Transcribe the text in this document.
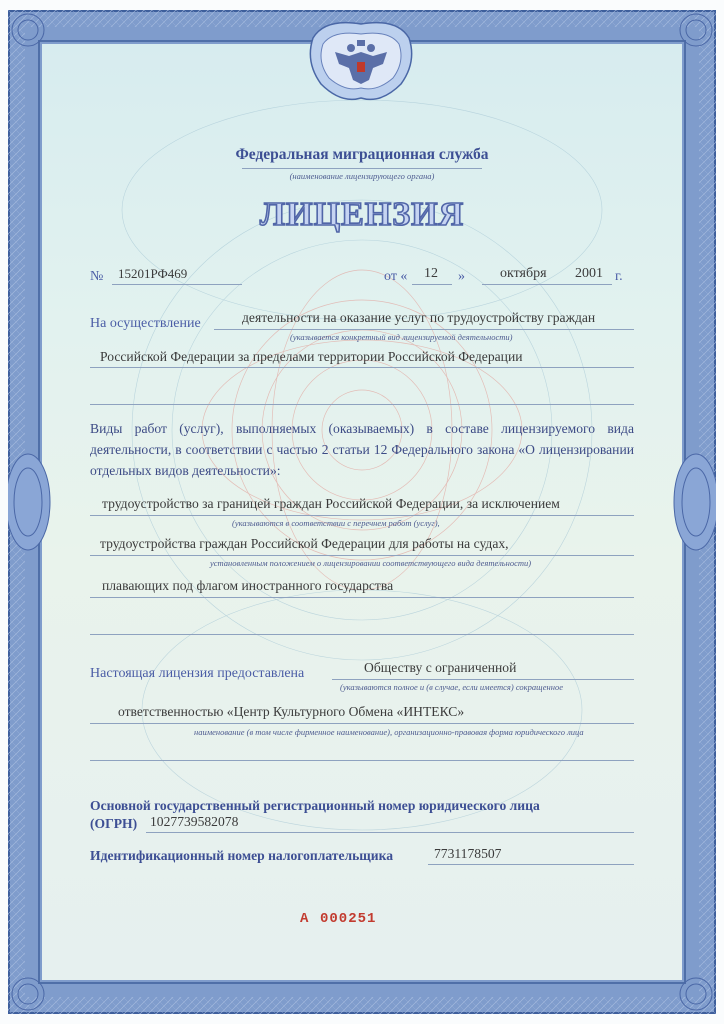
Федеральная миграционная служба
(наименование лицензирующего органа)
ЛИЦЕНЗИЯ
№ 15201РФ469	от « 12 »	октября 2001 г.
На осуществление	деятельности на оказание услуг по трудоустройству граждан
(указывается конкретный вид лицензируемой деятельности)
Российской Федерации за пределами территории Российской Федерации
Виды работ (услуг), выполняемых (оказываемых) в составе лицензируемого вида деятельности, в соответствии с частью 2 статьи 12 Федерального закона «О лицензировании отдельных видов деятельности»:
трудоустройство за границей граждан Российской Федерации, за исключением
(указываются в соответствии с перечнем работ (услуг),
трудоустройства граждан Российской Федерации для работы на судах,
установленным положением о лицензировании соответствующего вида деятельности)
плавающих под флагом иностранного государства
Настоящая лицензия предоставлена	Обществу с ограниченной
(указываются полное и (в случае, если имеется) сокращенное
ответственностью «Центр Культурного Обмена «ИНТЕКС»
наименование (в том числе фирменное наименование), организационно-правовая форма юридического лица
Основной государственный регистрационный номер юридического лица
(ОГРН) 1027739582078
Идентификационный номер налогоплательщика	7731178507
А 000251
